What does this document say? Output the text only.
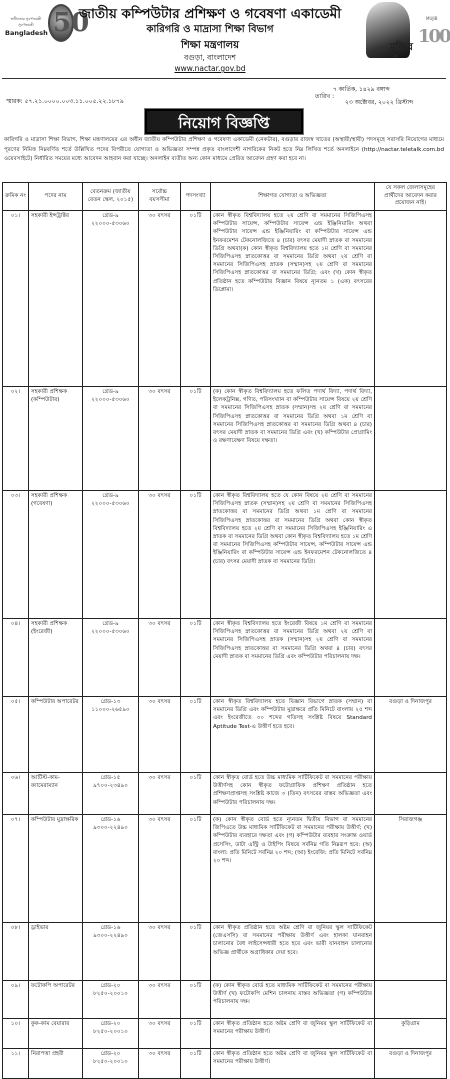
স্বাধীনতার সুবর্ণজয়ন্তী
সুবর্ণজয়ন্তী
Bangladesh 50
মুজিব
বর্ষ
MUJIB
100
জাতীয় কম্পিউটার প্রশিক্ষণ ও গবেষণা একাডেমী
কারিগরি ও মাদ্রাসা শিক্ষা বিভাগ
শিক্ষা মন্ত্রণালয়
বগুড়া, বাংলাদেশ
www.nactar.gov.bd
৭ কার্তিক, ১৪২৯ বঙ্গাব্দ
তারিখ :
স্মারক: ৫৭.২১.০০০০.০০৩.১১.০০৫.২২.১৮৭৯	২৩ অক্টোবর, ২০২২ খ্রিস্টাব্দ
নিয়োগ বিজ্ঞপ্তি
কারিগরি ও মাদ্রাসা শিক্ষা বিভাগ, শিক্ষা মন্ত্রণালয়ের এর অধীন জাতীয় কম্পিউটার প্রশিক্ষণ ও গবেষণা একাডেমী (নেকটার), বগুড়ার রাজস্ব খাতের (অস্থায়ী/স্থায়ী) পদসমূহে সরাসরি নিয়োগের মাধ্যমে পূরণের নিমিত্ত নিম্নবর্ণিত শর্তে উল্লিখিত পদের বিপরীতে যোগ্যতা ও অভিজ্ঞতা সম্পন্ন প্রকৃত বাংলাদেশী নাগরিকের নিকট হতে নিম্ন লিখিত শর্তে অনলাইনে (http://nactar.teletalk.com.bd ওয়েবসাইটে) নির্ধারিত সময়ের মধ্যে আবেদন আহবান করা যাচ্ছে। অনলাইন ব্যতীত অন্য কোন মাধ্যমে প্রেরিত আবেদন গ্রহণ করা হবে না।
ক্রমিক নং	পদের নাম	বেতনক্রম (জাতীয় বেতন স্কেল, ২০১৫)	সর্বোচ্চ বয়সসীমা	পদসংখ্যা	শিক্ষাগত যোগ্যতা ও অভিজ্ঞতা	যে সকল জেলাসমূহের প্রার্থীদের আবেদন করার প্রয়োজন নাই।
০১।	সহকারী ইন্সট্রাক্টর	গ্রেড-৯
২২০০০-৫৩০৬০	৩০ বৎসর	০১টি	কোন স্বীকৃত বিশ্ববিদ্যালয় হতে ২য় শ্রেণি বা সমমানের সিজিপিএসহ কম্পিউটার সায়েন্স, কম্পিউটার সায়েন্স এন্ড ইঞ্জিনিয়ারিং অথবা কম্পিউটার সায়েন্স এন্ড ইঞ্জিনিয়ারিং বা কম্পিউটার সায়েন্স এন্ড ইনফরমেশন টেকনোলজিতে ৪ (চার) বৎসর মেয়াদী স্নাতক বা সমমানের ডিগ্রি অথবা(ক) কোন স্বীকৃত বিশ্ববিদ্যালয় হতে ১ম শ্রেণি বা সমমানের সিজিপিএসহ স্নাতকোত্তর বা সমমানের ডিগ্রি অথবা ২য় শ্রেণি বা সমমানের সিজিপিএসহ স্নাতক (সম্মান)সহ ২য় শ্রেণি বা সমমানের সিজিপিএসহ স্নাতকোত্তর বা সমমানের ডিগ্রি; এবং (খ) কোন স্বীকৃত প্রতিষ্ঠান হতে কম্পিউটার বিজ্ঞান বিষয়ে ন্যূনতম ১ (এক) বৎসরের ডিপ্লোমা।	
০২।	সহকারী প্রশিক্ষক (কম্পিউটার)	গ্রেড-৯
২২০০০-৫৩০৬০	৩০ বৎসর	০১টি	(ক) কোন স্বীকৃত বিশ্ববিদ্যালয় হতে ফলিত পদার্থ বিদ্যা, পদার্থ বিদ্যা, ইলেকট্রনিক্স, গণিত, পরিসংখ্যান বা কম্পিউটার সায়েন্স বিষয়ে ২য় শ্রেণি বা সমমানের সিজিপিএসহ স্নাতক (সম্মান)সহ ২য় শ্রেণি বা সমমানের সিজিপিএসহ স্নাতকোত্তর বা সমমানের ডিগ্রি অথবা ১ম শ্রেণি বা সমমানের সিজিপিএসহ স্নাতকোত্তর বা সমমানের ডিগ্রি অথবা ৪ (চার) বৎসর মেয়াদী স্নাতক বা সমমানের ডিগ্রি এবং (খ) কম্পিউটার প্রোগ্রামিং ও রক্ষণাবেক্ষণ বিষয়ে দক্ষতা।	
০৩।	সহকারী প্রশিক্ষক (গবেষণা)	গ্রেড-৯
২২০০০-৫৩০৬০	৩০ বৎসর	০১টি	কোন স্বীকৃত বিশ্ববিদ্যালয় হতে যে কোন বিষয়ে ২য় শ্রেণি বা সমমানের সিজিপিএসহ স্নাতক (সম্মান)সহ ২য় শ্রেণি বা সমমানের সিজিপিএসহ স্নাতকোত্তর বা সমমানের ডিগ্রি অথবা ১ম শ্রেণি বা সমমানের সিজিপিএসহ স্নাতকোত্তর বা সমমানের ডিগ্রি অথবা কোন স্বীকৃত বিশ্ববিদ্যালয় হতে ২য় শ্রেণি বা সমমানের সিজিপিএসহ ইঞ্জিনিয়ারিং এ স্নাতক বা সমমানের ডিগ্রি অথবা কোন স্বীকৃত বিশ্ববিদ্যালয় হতে ১ম শ্রেণি বা সমমানের সিজিপিএসহ কম্পিউটার সায়েন্স, কম্পিউটার সায়েন্স এন্ড ইঞ্জিনিয়ারিং বা কম্পিউটার সায়েন্স এন্ড ইনফরমেশন টেকনোলজিতে ৪ (চার) বৎসর মেয়াদী স্নাতক বা সমমানের ডিগ্রি।	
০৪।	সহকারী প্রশিক্ষক (ইংরেজী)	গ্রেড-৯
২২০০০-৫৩০৬০	৩০ বৎসর	০১টি	কোন স্বীকৃত বিশ্ববিদ্যালয় হতে ইংরেজী বিষয়ে ১ম শ্রেণি বা সমমানের সিজিপিএসহ স্নাতকোত্তর বা সমমানের ডিগ্রি অথবা ২য় শ্রেণি বা সমমানের সিজিপিএসহ স্নাতক (সম্মান)সহ ২য় শ্রেণি বা সমমানের সিজিপিএসহ স্নাতকোত্তর বা সমমানের ডিগ্রি অথবা ৪ (চার) বৎসর মেয়াদী স্নাতক বা সমমানের ডিগ্রি এবং কম্পিউটার পরিচালনায় দক্ষ।	
০৫।	কম্পিউটার অপারেটর	গ্রেড-১৩
১১০০০-২৬৫৯০	৩০ বৎসর	০১টি	কোন স্বীকৃত বিশ্ববিদ্যালয় হতে বিজ্ঞান বিভাগে স্নাতক (সম্মান) বা সমমানের ডিগ্রি এবং কম্পিউটার মুদ্রাক্ষরে প্রতি মিনিটে বাংলায় ২৫ শব্দ এবং ইংরেজীতে ৩০ শব্দের গতিসহ সংশ্লিষ্ট বিষয়ে Standard Aptitude Test-এ উত্তীর্ণ হতে হবে।	বগুড়া ও দিনাজপুর
০৬।	আর্টিস্ট-কাম-ক্যামেরাম্যান	গ্রেড-১৫
৯৭০০-২৩৪৯০	৩০ বৎসর	০১টি	কোন স্বীকৃত বোর্ড হতে উচ্চ মাধ্যমিক সার্টিফিকেট বা সমমানের পরীক্ষায় উত্তীর্ণসহ কোন স্বীকৃত ফটোগ্রাফিক প্রশিক্ষণ প্রতিষ্ঠান হতে প্রশিক্ষণপ্রাপ্তসহ সংশ্লিষ্ট কাজে ৩ (তিন) বৎসরের বাস্তব অভিজ্ঞতা এবং কম্পিউটার পরিচালনায় দক্ষ।	
০৭।	কম্পিউটার মুদ্রাক্ষরিক	গ্রেড-১৬
৯৩০০-২২৪৯০	৩০ বৎসর	০১টি	(ক) কোন স্বীকৃত বোর্ড হতে ন্যূনতম দ্বিতীয় বিভাগ বা সমমানের জিপিএতে উচ্চ মাধ্যমিক সার্টিফিকেট বা সমমানের পরীক্ষায় উত্তীর্ণ; (খ) কম্পিউটার ব্যবহারে দক্ষতা এবং (গ) কম্পিউটার ব্যবহার সংক্রান্ত ওয়ার্ড প্রসেসিং, ডাটা এন্ট্রি ও টাইপিং বিষয়ে সর্বনিম্ন গতি নিম্নরূপ হবে: (অ) বাংলা: প্রতি মিনিটে সর্বনিম্ন ২০ শব্দ; (আ) ইংরেজি: প্রতি মিনিটে সর্বনিম্ন ২০ শব্দ।	সিরাজগঞ্জ
০৮।	ড্রাইভার	গ্রেড-১৬
৯৩০০-২২৪৯০	৩০ বৎসর	০১টি	কোন স্বীকৃত প্রতিষ্ঠান হতে অষ্টম শ্রেণি বা জুনিয়র স্কুল সার্টিফিকেট (জেএসসি) বা সমমানের পরীক্ষায় উত্তীর্ণ এবং হালকা যানবাহন চালানোর বৈধ লাইসেন্সধারী হতে হবে এবং ভারী যানবাহন চালানোর অভিজ্ঞ প্রার্থীকে অগ্রাধিকার দেয়া হবে।	
০৯।	ফটোকপি অপারেটর	গ্রেড-২০
৮২৫০-২০০১০	৩০ বৎসর	০১টি	(ক) কোন স্বীকৃত বোর্ড হতে মাধ্যমিক সার্টিফিকেট বা সমমানের পরীক্ষায় উত্তীর্ণ (খ) ফটোকপি মেশিন চালনায় বাস্তব অভিজ্ঞতা (গ) কম্পিউটার পরিচালনায় দক্ষ।	
১০।	কুক-কাম বেয়ারার	গ্রেড-২০
৮২৫০-২০০১০	৩০ বৎসর	০১টি	কোন স্বীকৃত প্রতিষ্ঠান হতে অষ্টম শ্রেণি বা জুনিয়র স্কুল সার্টিফিকেট বা সমমানের পরীক্ষায় উত্তীর্ণ।	কুড়িগ্রাম
১১।	নিরাপত্তা প্রহরী	গ্রেড-২০
৮২৫০-২০০১০	৩০ বৎসর	০১টি	কোন স্বীকৃত প্রতিষ্ঠান হতে অষ্টম শ্রেণি বা জুনিয়র স্কুল সার্টিফিকেট বা সমমানের পরীক্ষায় উত্তীর্ণ।	বগুড়া ও দিনাজপুর
